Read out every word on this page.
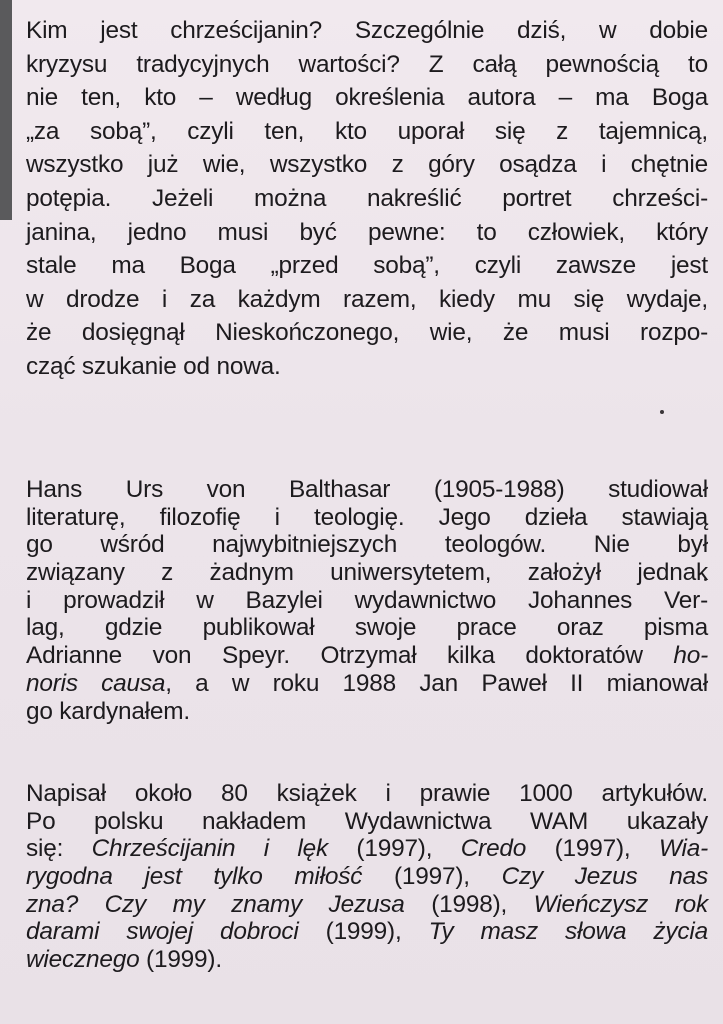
Kim jest chrześcijanin? Szczególnie dziś, w dobie
kryzysu tradycyjnych wartości? Z całą pewnością to
nie ten, kto – według określenia autora – ma Boga
„za sobą”, czyli ten, kto uporał się z tajemnicą,
wszystko już wie, wszystko z góry osądza i chętnie
potępia. Jeżeli można nakreślić portret chrześci-
janina, jedno musi być pewne: to człowiek, który
stale ma Boga „przed sobą”, czyli zawsze jest
w drodze i za każdym razem, kiedy mu się wydaje,
że dosięgnął Nieskończonego, wie, że musi rozpo-
cząć szukanie od nowa.
Hans Urs von Balthasar (1905-1988) studiował
literaturę, filozofię i teologię. Jego dzieła stawiają
go wśród najwybitniejszych teologów. Nie był
związany z żadnym uniwersytetem, założył jednak
i prowadził w Bazylei wydawnictwo Johannes Ver-
lag, gdzie publikował swoje prace oraz pisma
Adrianne von Speyr. Otrzymał kilka doktoratów ho-
noris causa, a w roku 1988 Jan Paweł II mianował
go kardynałem.
Napisał około 80 książek i prawie 1000 artykułów.
Po polsku nakładem Wydawnictwa WAM ukazały
się: Chrześcijanin i lęk (1997), Credo (1997), Wia-
rygodna jest tylko miłość (1997), Czy Jezus nas
zna? Czy my znamy Jezusa (1998), Wieńczysz rok
darami swojej dobroci (1999), Ty masz słowa życia
wiecznego (1999).
